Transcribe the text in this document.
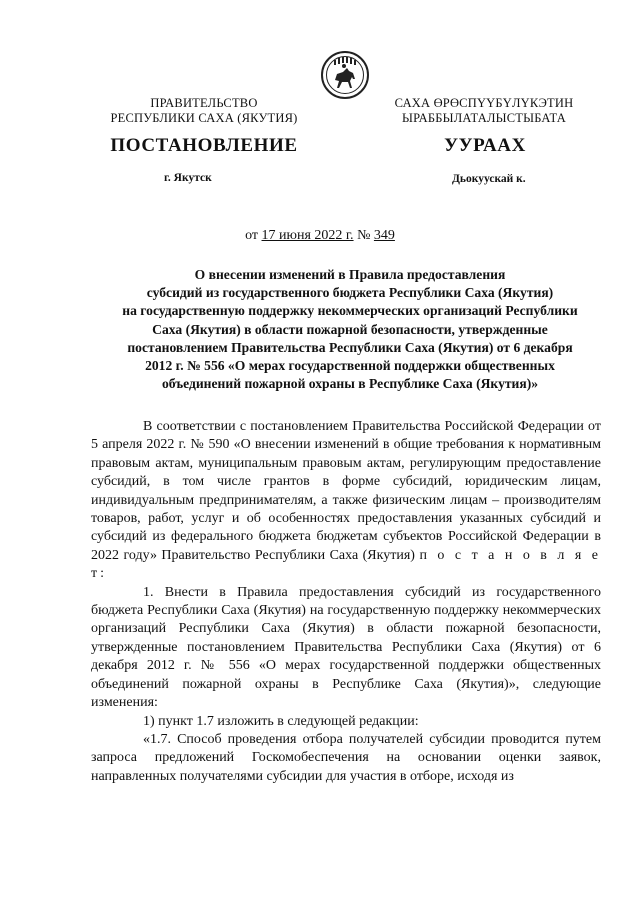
ПРАВИТЕЛЬСТВО
РЕСПУБЛИКИ САХА (ЯКУТИЯ)
САХА ӨРӨСПҮҮБҮЛҮКЭТИН
ЫРАББЫЛАТАЛЫСТЫБАТА
ПОСТАНОВЛЕНИЕ	УУРААХ
г. Якутск	Дьокуускай к.
от 17 июня 2022 г. № 349
О внесении изменений в Правила предоставления
субсидий из государственного бюджета Республики Саха (Якутия)
на государственную поддержку некоммерческих организаций Республики
Саха (Якутия) в области пожарной безопасности, утвержденные
постановлением Правительства Республики Саха (Якутия) от 6 декабря
2012 г. № 556 «О мерах государственной поддержки общественных
объединений пожарной охраны в Республике Саха (Якутия)»

В соответствии с постановлением Правительства Российской Федерации от 5 апреля 2022 г. № 590 «О внесении изменений в общие требования к нормативным правовым актам, муниципальным правовым актам, регулирующим предоставление субсидий, в том числе грантов в форме субсидий, юридическим лицам, индивидуальным предпринимателям, а также физическим лицам – производителям товаров, работ, услуг и об особенностях предоставления указанных субсидий и субсидий из федерального бюджета бюджетам субъектов Российской Федерации в 2022 году» Правительство Республики Саха (Якутия) п о с т а н о в л я е т:

1. Внести в Правила предоставления субсидий из государственного бюджета Республики Саха (Якутия) на государственную поддержку некоммерческих организаций Республики Саха (Якутия) в области пожарной безопасности, утвержденные постановлением Правительства Республики Саха (Якутия) от 6 декабря 2012 г. № 556 «О мерах государственной поддержки общественных объединений пожарной охраны в Республике Саха (Якутия)», следующие изменения:

1) пункт 1.7 изложить в следующей редакции:

«1.7. Способ проведения отбора получателей субсидии проводится путем запроса предложений Госкомобеспечения на основании оценки заявок, направленных получателями субсидии для участия в отборе, исходя из
